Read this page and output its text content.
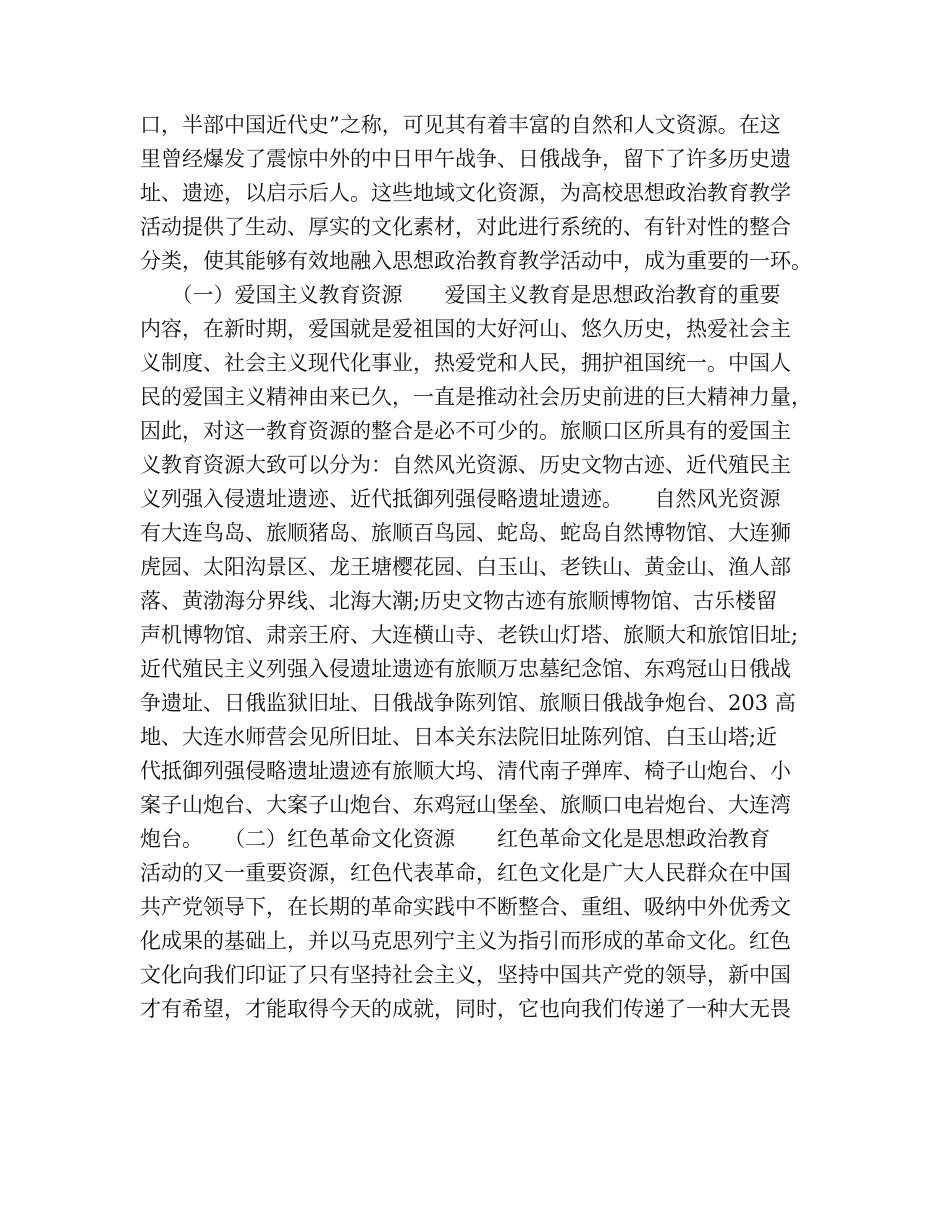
口，半部中国近代史”之称，可见其有着丰富的自然和人文资源。在这
里曾经爆发了震惊中外的中日甲午战争、日俄战争，留下了许多历史遗
址、遗迹，以启示后人。这些地域文化资源，为高校思想政治教育教学
活动提供了生动、厚实的文化素材，对此进行系统的、有针对性的整合
分类，使其能够有效地融入思想政治教育教学活动中，成为重要的一环。
　　（一）爱国主义教育资源　　爱国主义教育是思想政治教育的重要
内容，在新时期，爱国就是爱祖国的大好河山、悠久历史，热爱社会主
义制度、社会主义现代化事业，热爱党和人民，拥护祖国统一。中国人
民的爱国主义精神由来已久，一直是推动社会历史前进的巨大精神力量，
因此，对这一教育资源的整合是必不可少的。旅顺口区所具有的爱国主
义教育资源大致可以分为：自然风光资源、历史文物古迹、近代殖民主
义列强入侵遗址遗迹、近代抵御列强侵略遗址遗迹。　　自然风光资源
有大连鸟岛、旅顺猪岛、旅顺百鸟园、蛇岛、蛇岛自然博物馆、大连狮
虎园、太阳沟景区、龙王塘樱花园、白玉山、老铁山、黄金山、渔人部
落、黄渤海分界线、北海大潮;历史文物古迹有旅顺博物馆、古乐楼留
声机博物馆、肃亲王府、大连横山寺、老铁山灯塔、旅顺大和旅馆旧址;
近代殖民主义列强入侵遗址遗迹有旅顺万忠墓纪念馆、东鸡冠山日俄战
争遗址、日俄监狱旧址、日俄战争陈列馆、旅顺日俄战争炮台、203 高
地、大连水师营会见所旧址、日本关东法院旧址陈列馆、白玉山塔;近
代抵御列强侵略遗址遗迹有旅顺大坞、清代南子弹库、椅子山炮台、小
案子山炮台、大案子山炮台、东鸡冠山堡垒、旅顺口电岩炮台、大连湾
炮台。　　（二）红色革命文化资源　　红色革命文化是思想政治教育
活动的又一重要资源，红色代表革命，红色文化是广大人民群众在中国
共产党领导下，在长期的革命实践中不断整合、重组、吸纳中外优秀文
化成果的基础上，并以马克思列宁主义为指引而形成的革命文化。红色
文化向我们印证了只有坚持社会主义，坚持中国共产党的领导，新中国
才有希望，才能取得今天的成就，同时，它也向我们传递了一种大无畏
